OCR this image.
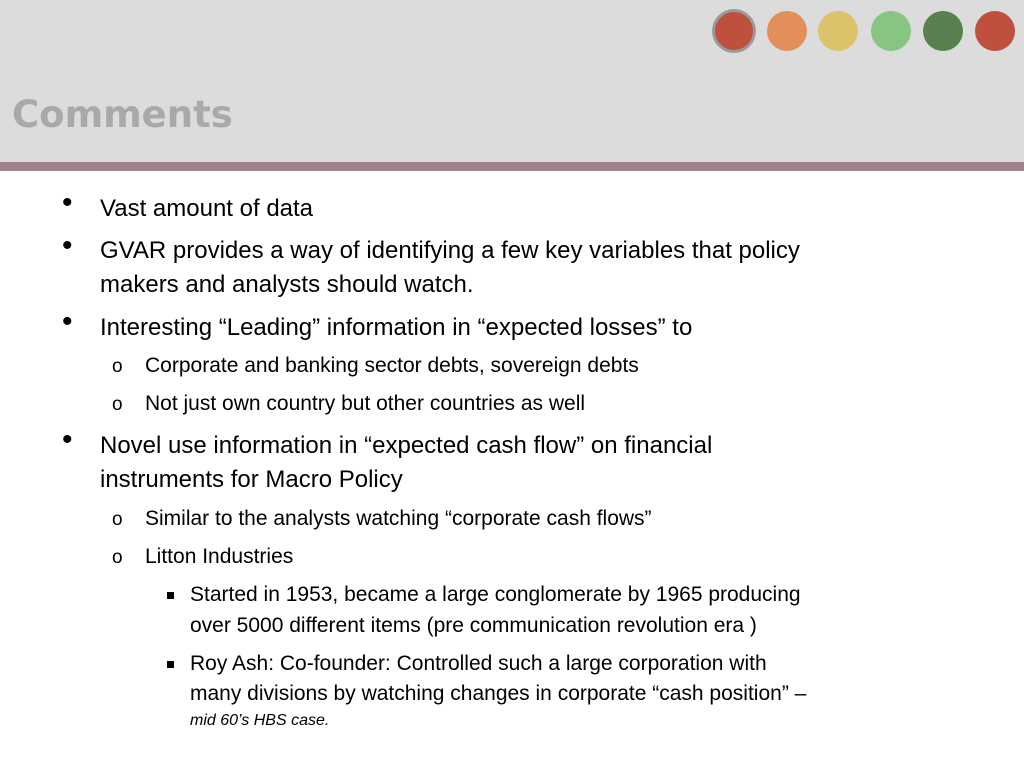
Comments
• Vast amount of data
• GVAR provides a way of identifying a few key variables that policy
makers and analysts should watch.
• Interesting “Leading” information in “expected losses” to
o Corporate and banking sector debts, sovereign debts
o Not just own country but other countries as well
• Novel use information in “expected cash flow” on financial
instruments for Macro Policy
o Similar to the analysts watching “corporate cash flows”
o Litton Industries
Started in 1953, became a large conglomerate by 1965 producing
over 5000 different items (pre communication revolution era )
Roy Ash: Co-founder: Controlled such a large corporation with
many divisions by watching changes in corporate “cash position” –
mid 60’s HBS case.
